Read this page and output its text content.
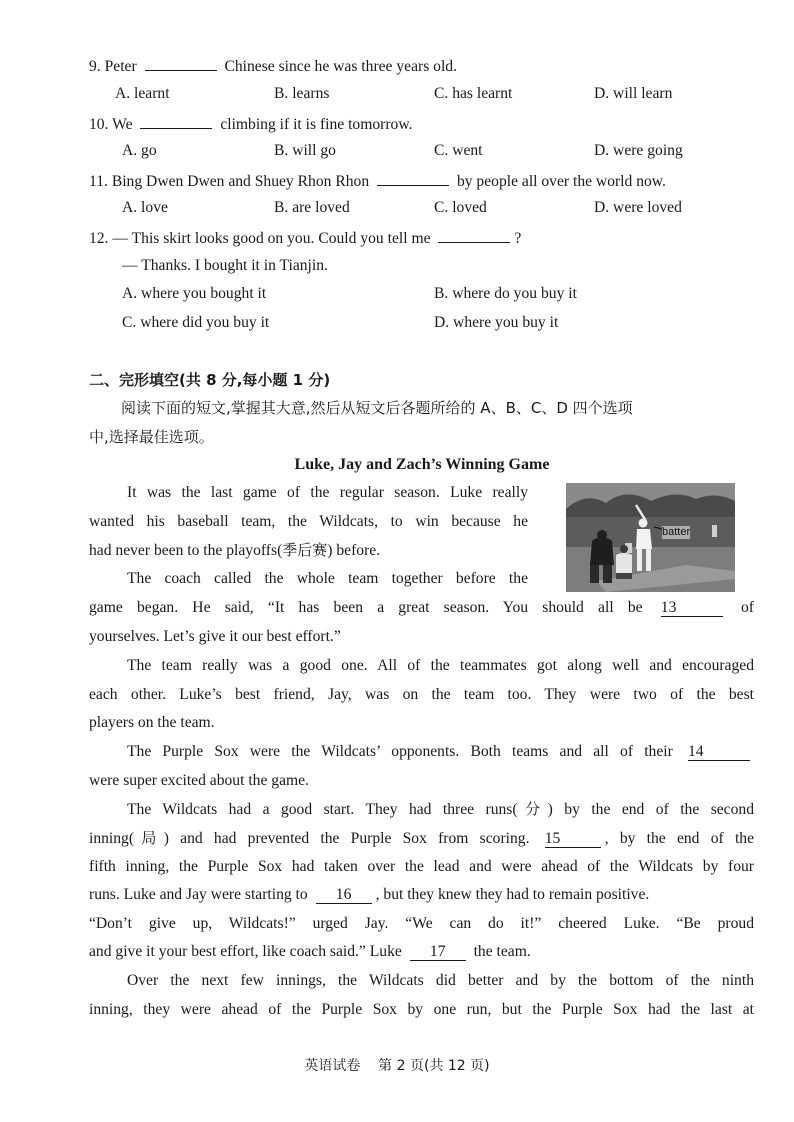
9. Peter	Chinese since he was three years old.
A. learnt	B. learns	C. has learnt	D. will learn
10. We	climbing if it is fine tomorrow.
A. go	B. will go	C. went	D. were going
11. Bing Dwen Dwen and Shuey Rhon Rhon	by people all over the world now.
A. love	B. are loved	C. loved	D. were loved
12. — This skirt looks good on you. Could you tell me	?
— Thanks. I bought it in Tianjin.
A. where you bought it	B. where do you buy it
C. where did you buy it	D. where you buy it
二、完形填空(共 8 分,每小题 1 分)
阅读下面的短文,掌握其大意,然后从短文后各题所给的 A、B、C、D 四个选项
中,选择最佳选项。
Luke, Jay and Zach’s Winning Game
batter
It was the last game of the regular season. Luke really
wanted his baseball team, the Wildcats, to win because he
had never been to the playoffs(季后赛) before.
The coach called the whole team together before the
game began. He said, “It has been a great season. You should all be 13	of
yourselves. Let’s give it our best effort.”
The team really was a good one. All of the teammates got along well and encouraged
each other. Luke’s best friend, Jay, was on the team too. They were two of the best
players on the team.
The Purple Sox were the Wildcats’ opponents. Both teams and all of their 14
were super excited about the game.
The Wildcats had a good start. They had three runs(分) by the end of the second
inning(局) and had prevented the Purple Sox from scoring. 15	, by the end of the
fifth inning, the Purple Sox had taken over the lead and were ahead of the Wildcats by four
runs. Luke and Jay were starting to 16 , but they knew they had to remain positive.
“Don’t give up, Wildcats!” urged Jay. “We can do it!” cheered Luke. “Be proud
and give it your best effort, like coach said.” Luke 17 the team.
Over the next few innings, the Wildcats did better and by the bottom of the ninth
inning, they were ahead of the Purple Sox by one run, but the Purple Sox had the last at
英语试卷    第 2 页(共 12 页)
